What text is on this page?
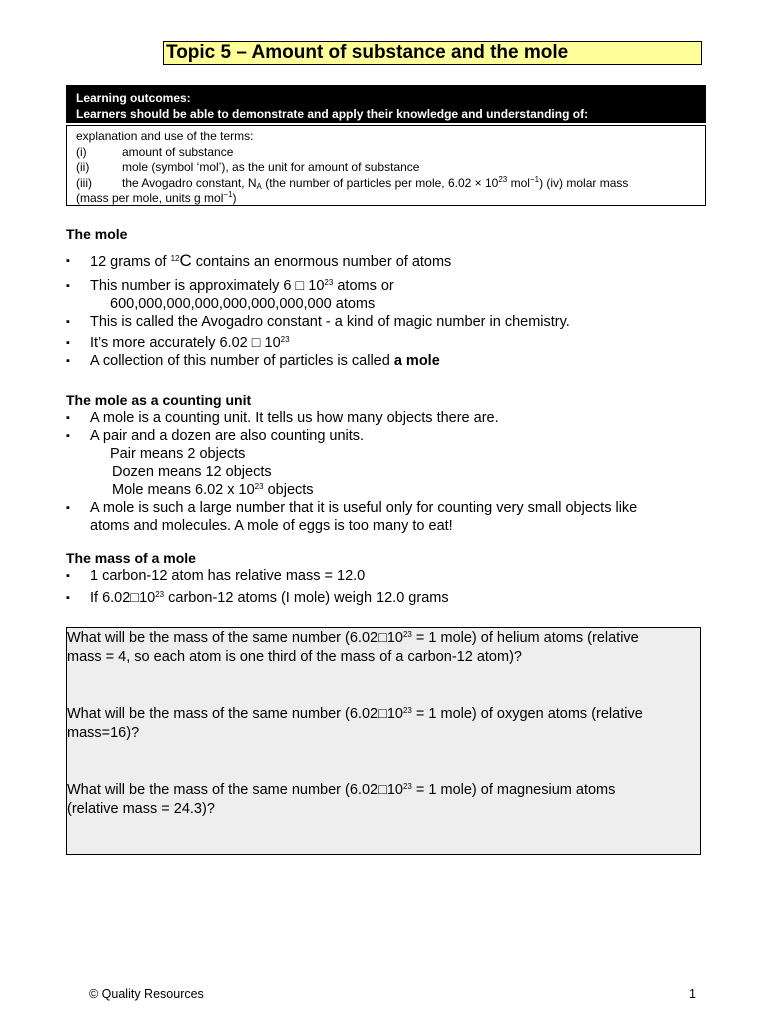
Topic 5 – Amount of substance and the mole
Learning outcomes:
Learners should be able to demonstrate and apply their knowledge and understanding of:
explanation and use of the terms:
(i)	amount of substance
(ii)	mole (symbol ‘mol’), as the unit for amount of substance
(iii)	the Avogadro constant, $N_A$ (the number of particles per mole, $6.02 \times 10^{23}$ mol$^{-1}$) (iv) molar mass
(mass per mole, units g mol$^{-1}$)
The mole
▪ 12 grams of $^{12}$C contains an enormous number of atoms
▪ This number is approximately 6 □ $10^{23}$ atoms or
600,000,000,000,000,000,000,000 atoms
▪ This is called the Avogadro constant - a kind of magic number in chemistry.
▪ It’s more accurately 6.02 □ $10^{23}$
▪ A collection of this number of particles is called a mole
The mole as a counting unit
▪ A mole is a counting unit. It tells us how many objects there are.
▪ A pair and a dozen are also counting units.
Pair means 2 objects
Dozen means 12 objects
Mole means 6.02 x $10^{23}$ objects
▪ A mole is such a large number that it is useful only for counting very small objects like
atoms and molecules. A mole of eggs is too many to eat!
The mass of a mole
▪ 1 carbon-12 atom has relative mass = 12.0
▪ If $6.02□10^{23}$ carbon-12 atoms (I mole) weigh 12.0 grams

What will be the mass of the same number ($6.02□10^{23} = 1$ mole) of helium atoms (relative
mass = 4, so each atom is one third of the mass of a carbon-12 atom)?

What will be the mass of the same number ($6.02□10^{23} = 1$ mole) of oxygen atoms (relative
mass=16)?

What will be the mass of the same number ($6.02□10^{23} = 1$ mole) of magnesium atoms
(relative mass = 24.3)?

© Quality Resources	1
